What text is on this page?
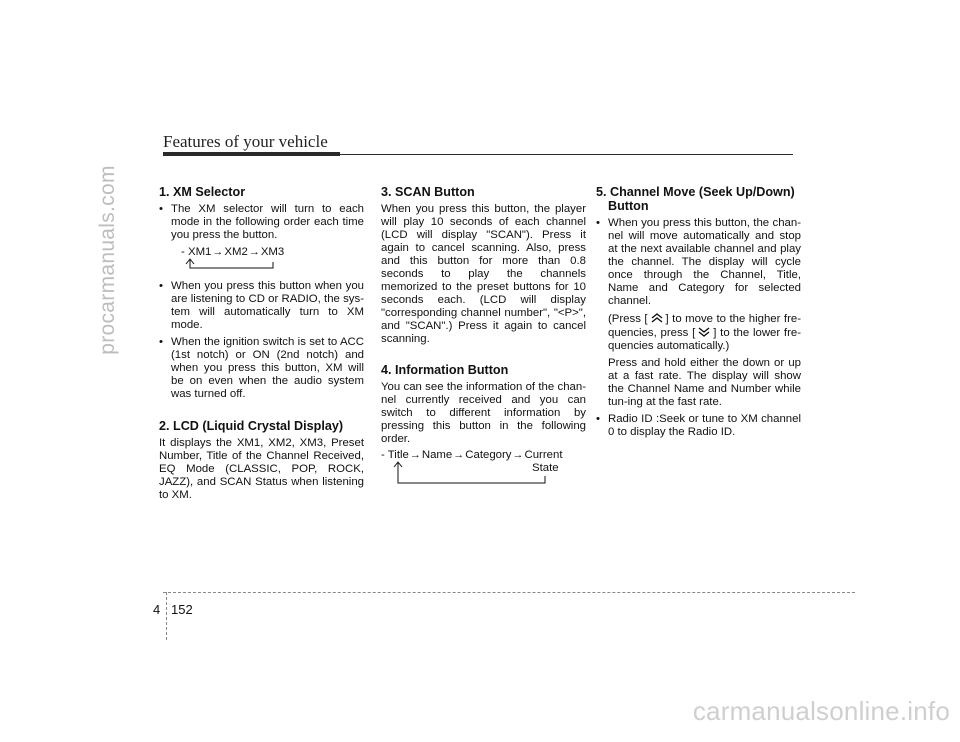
procarmanuals.com
Features of your vehicle
1. XM Selector
• The XM selector will turn to each mode in the following order each time you press the button.
- XM1→XM2→XM3
• When you press this button when you are listening to CD or RADIO, the sys-tem will automatically turn to XM mode.
• When the ignition switch is set to ACC (1st notch) or ON (2nd notch) and when you press this button, XM will be on even when the audio system was turned off.
2. LCD (Liquid Crystal Display)
It displays the XM1, XM2, XM3, Preset Number, Title of the Channel Received, EQ Mode (CLASSIC, POP, ROCK, JAZZ), and SCAN Status when listening to XM.
3. SCAN Button
When you press this button, the player will play 10 seconds of each channel (LCD will display "SCAN"). Press it again to cancel scanning. Also, press and this button for more than 0.8 seconds to play the channels memorized to the preset buttons for 10 seconds each. (LCD will display "corresponding channel number", "<P>", and "SCAN".) Press it again to cancel scanning.
4. Information Button
You can see the information of the chan-nel currently received and you can switch to different information by pressing this button in the following order.
- Title→Name→Category→Current
State
5. Channel Move (Seek Up/Down)
Button
• When you press this button, the chan-nel will move automatically and stop at the next available channel and play the channel. The display will cycle once through the Channel, Title, Name and Category for selected channel.
(Press [ ] to move to the higher fre-quencies, press [ ] to the lower fre-quencies automatically.)
Press and hold either the down or up at a fast rate. The display will show the Channel Name and Number while tun-ing at the fast rate.
• Radio ID :Seek or tune to XM channel 0 to display the Radio ID.
4 152
carmanualsonline.info
